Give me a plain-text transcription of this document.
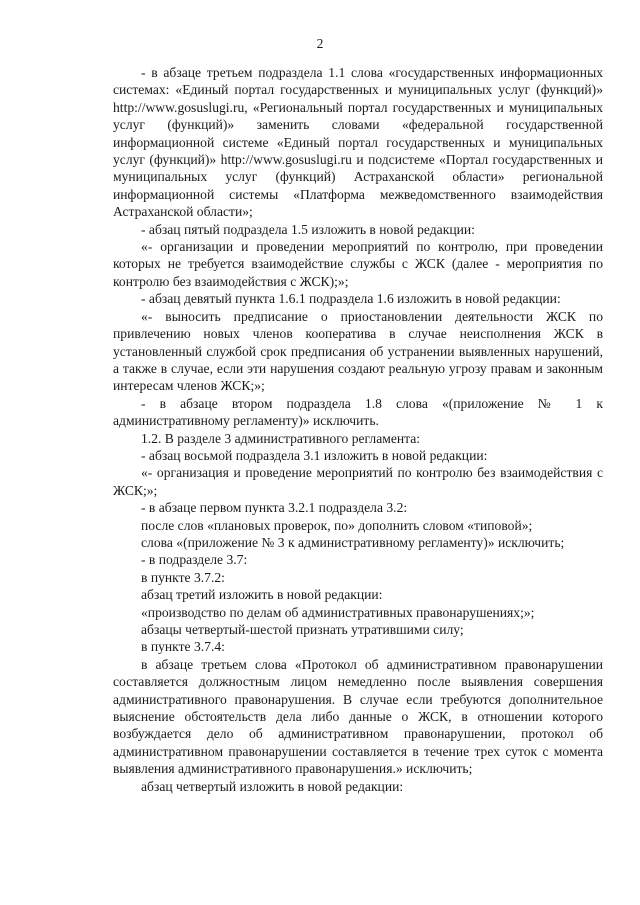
2

- в абзаце третьем подраздела 1.1 слова «государственных информационных системах: «Единый портал государственных и муниципальных услуг (функций)» http://www.gosuslugi.ru, «Региональный портал государственных и муниципальных услуг (функций)» заменить словами «федеральной государственной информационной системе «Единый портал государственных и муниципальных услуг (функций)» http://www.gosuslugi.ru и подсистеме «Портал государственных и муниципальных услуг (функций) Астраханской области» региональной информационной системы «Платформа межведомственного взаимодействия Астраханской области»;

- абзац пятый подраздела 1.5 изложить в новой редакции:

«- организации и проведении мероприятий по контролю, при проведении которых не требуется взаимодействие службы с ЖСК (далее - мероприятия по контролю без взаимодействия с ЖСК);»;

- абзац девятый пункта 1.6.1 подраздела 1.6 изложить в новой редакции:

«- выносить предписание о приостановлении деятельности ЖСК по привлечению новых членов кооператива в случае неисполнения ЖСК в установленный службой срок предписания об устранении выявленных нарушений, а также в случае, если эти нарушения создают реальную угрозу правам и законным интересам членов ЖСК;»;

- в абзаце втором подраздела 1.8 слова «(приложение № 1 к административному регламенту)» исключить.

1.2. В разделе 3 административного регламента:

- абзац восьмой подраздела 3.1 изложить в новой редакции:

«- организация и проведение мероприятий по контролю без взаимодействия с ЖСК;»;

- в абзаце первом пункта 3.2.1 подраздела 3.2:

после слов «плановых проверок, по» дополнить словом «типовой»;

слова «(приложение № 3 к административному регламенту)» исключить;

- в подразделе 3.7:

в пункте 3.7.2:

абзац третий изложить в новой редакции:

«производство по делам об административных правонарушениях;»;

абзацы четвертый-шестой признать утратившими силу;

в пункте 3.7.4:

в абзаце третьем слова «Протокол об административном правонарушении составляется должностным лицом немедленно после выявления совершения административного правонарушения. В случае если требуются дополнительное выяснение обстоятельств дела либо данные о ЖСК, в отношении которого возбуждается дело об административном правонарушении, протокол об административном правонарушении составляется в течение трех суток с момента выявления административного правонарушения.» исключить;

абзац четвертый изложить в новой редакции:
